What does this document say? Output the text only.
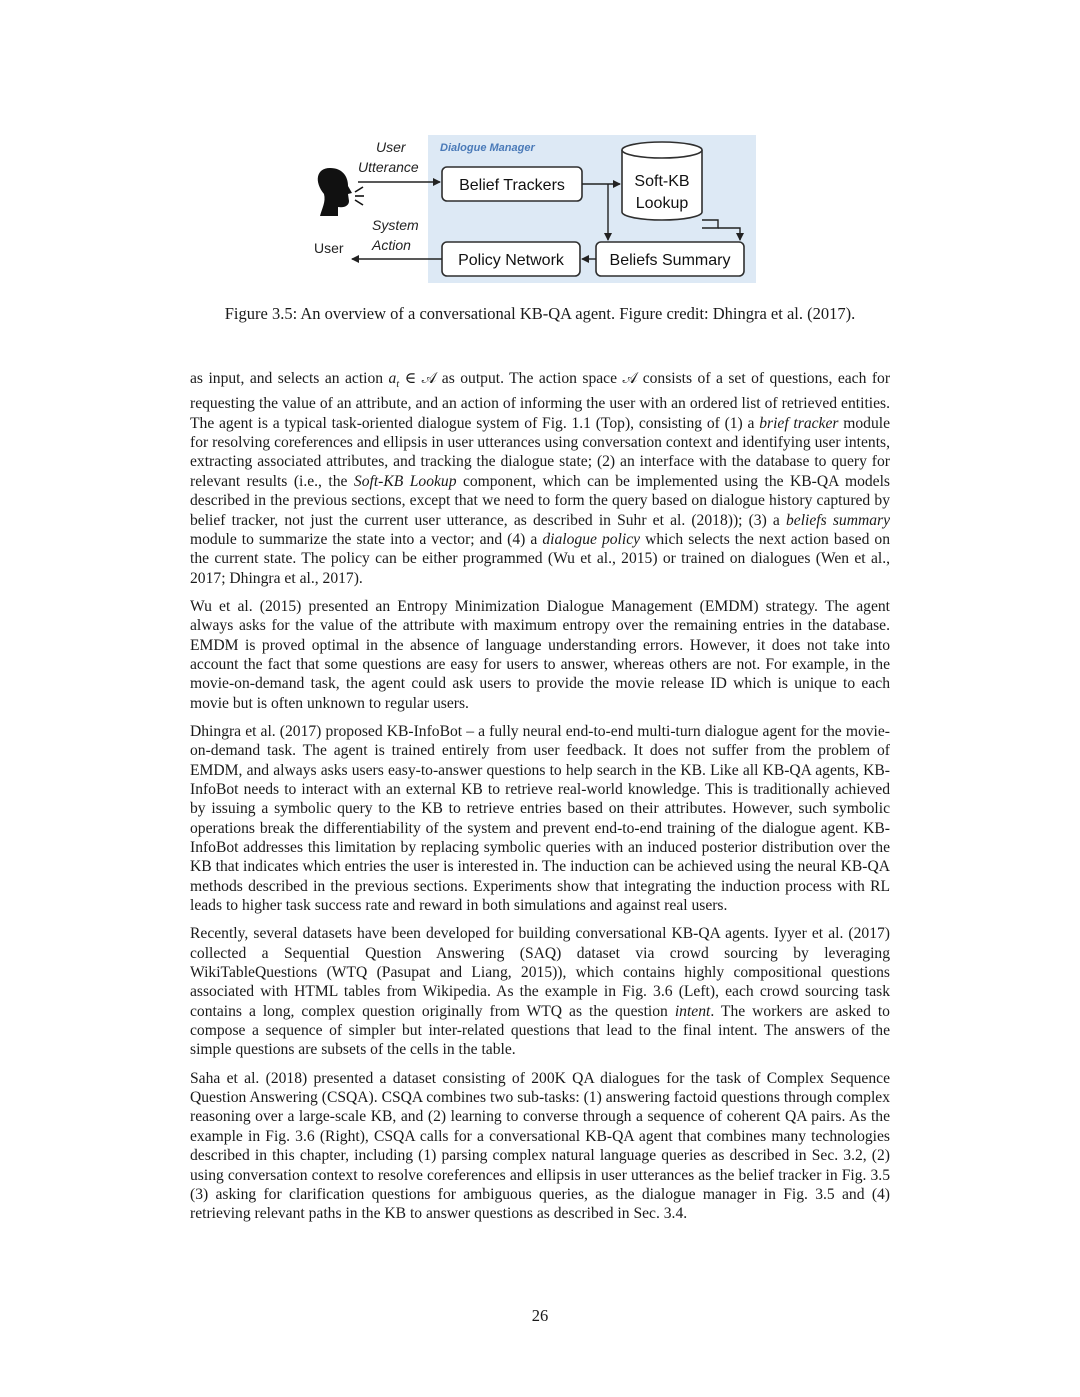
Dialogue Manager
Belief Trackers	Soft-KB
Lookup
Policy Network	Beliefs Summary
User
Utterance
System
Action
User

Figure 3.5: An overview of a conversational KB-QA agent. Figure credit: Dhingra et al. (2017).

as input, and selects an action $a_t$ ∈ 𝒜 as output. The action space 𝒜 consists of a set of questions, each for requesting the value of an attribute, and an action of informing the user with an ordered list of retrieved entities. The agent is a typical task-oriented dialogue system of Fig. 1.1 (Top), consisting of (1) a brief tracker module for resolving coreferences and ellipsis in user utterances using conversation context and identifying user intents, extracting associated attributes, and tracking the dialogue state; (2) an interface with the database to query for relevant results (i.e., the Soft-KB Lookup component, which can be implemented using the KB-QA models described in the previous sections, except that we need to form the query based on dialogue history captured by belief tracker, not just the current user utterance, as described in Suhr et al. (2018)); (3) a beliefs summary module to summarize the state into a vector; and (4) a dialogue policy which selects the next action based on the current state. The policy can be either programmed (Wu et al., 2015) or trained on dialogues (Wen et al., 2017; Dhingra et al., 2017).

Wu et al. (2015) presented an Entropy Minimization Dialogue Management (EMDM) strategy. The agent always asks for the value of the attribute with maximum entropy over the remaining entries in the database. EMDM is proved optimal in the absence of language understanding errors. However, it does not take into account the fact that some questions are easy for users to answer, whereas others are not. For example, in the movie-on-demand task, the agent could ask users to provide the movie release ID which is unique to each movie but is often unknown to regular users.

Dhingra et al. (2017) proposed KB-InfoBot – a fully neural end-to-end multi-turn dialogue agent for the movie-on-demand task. The agent is trained entirely from user feedback. It does not suffer from the problem of EMDM, and always asks users easy-to-answer questions to help search in the KB. Like all KB-QA agents, KB-InfoBot needs to interact with an external KB to retrieve real-world knowledge. This is traditionally achieved by issuing a symbolic query to the KB to retrieve entries based on their attributes. However, such symbolic operations break the differentiability of the system and prevent end-to-end training of the dialogue agent. KB-InfoBot addresses this limitation by replacing symbolic queries with an induced posterior distribution over the KB that indicates which entries the user is interested in. The induction can be achieved using the neural KB-QA methods described in the previous sections. Experiments show that integrating the induction process with RL leads to higher task success rate and reward in both simulations and against real users.

Recently, several datasets have been developed for building conversational KB-QA agents. Iyyer et al. (2017) collected a Sequential Question Answering (SAQ) dataset via crowd sourcing by leveraging WikiTableQuestions (WTQ (Pasupat and Liang, 2015)), which contains highly compositional questions associated with HTML tables from Wikipedia. As the example in Fig. 3.6 (Left), each crowd sourcing task contains a long, complex question originally from WTQ as the question intent. The workers are asked to compose a sequence of simpler but inter-related questions that lead to the final intent. The answers of the simple questions are subsets of the cells in the table.

Saha et al. (2018) presented a dataset consisting of 200K QA dialogues for the task of Complex Sequence Question Answering (CSQA). CSQA combines two sub-tasks: (1) answering factoid questions through complex reasoning over a large-scale KB, and (2) learning to converse through a sequence of coherent QA pairs. As the example in Fig. 3.6 (Right), CSQA calls for a conversational KB-QA agent that combines many technologies described in this chapter, including (1) parsing complex natural language queries as described in Sec. 3.2, (2) using conversation context to resolve coreferences and ellipsis in user utterances as the belief tracker in Fig. 3.5 (3) asking for clarification questions for ambiguous queries, as the dialogue manager in Fig. 3.5 and (4) retrieving relevant paths in the KB to answer questions as described in Sec. 3.4.

26
